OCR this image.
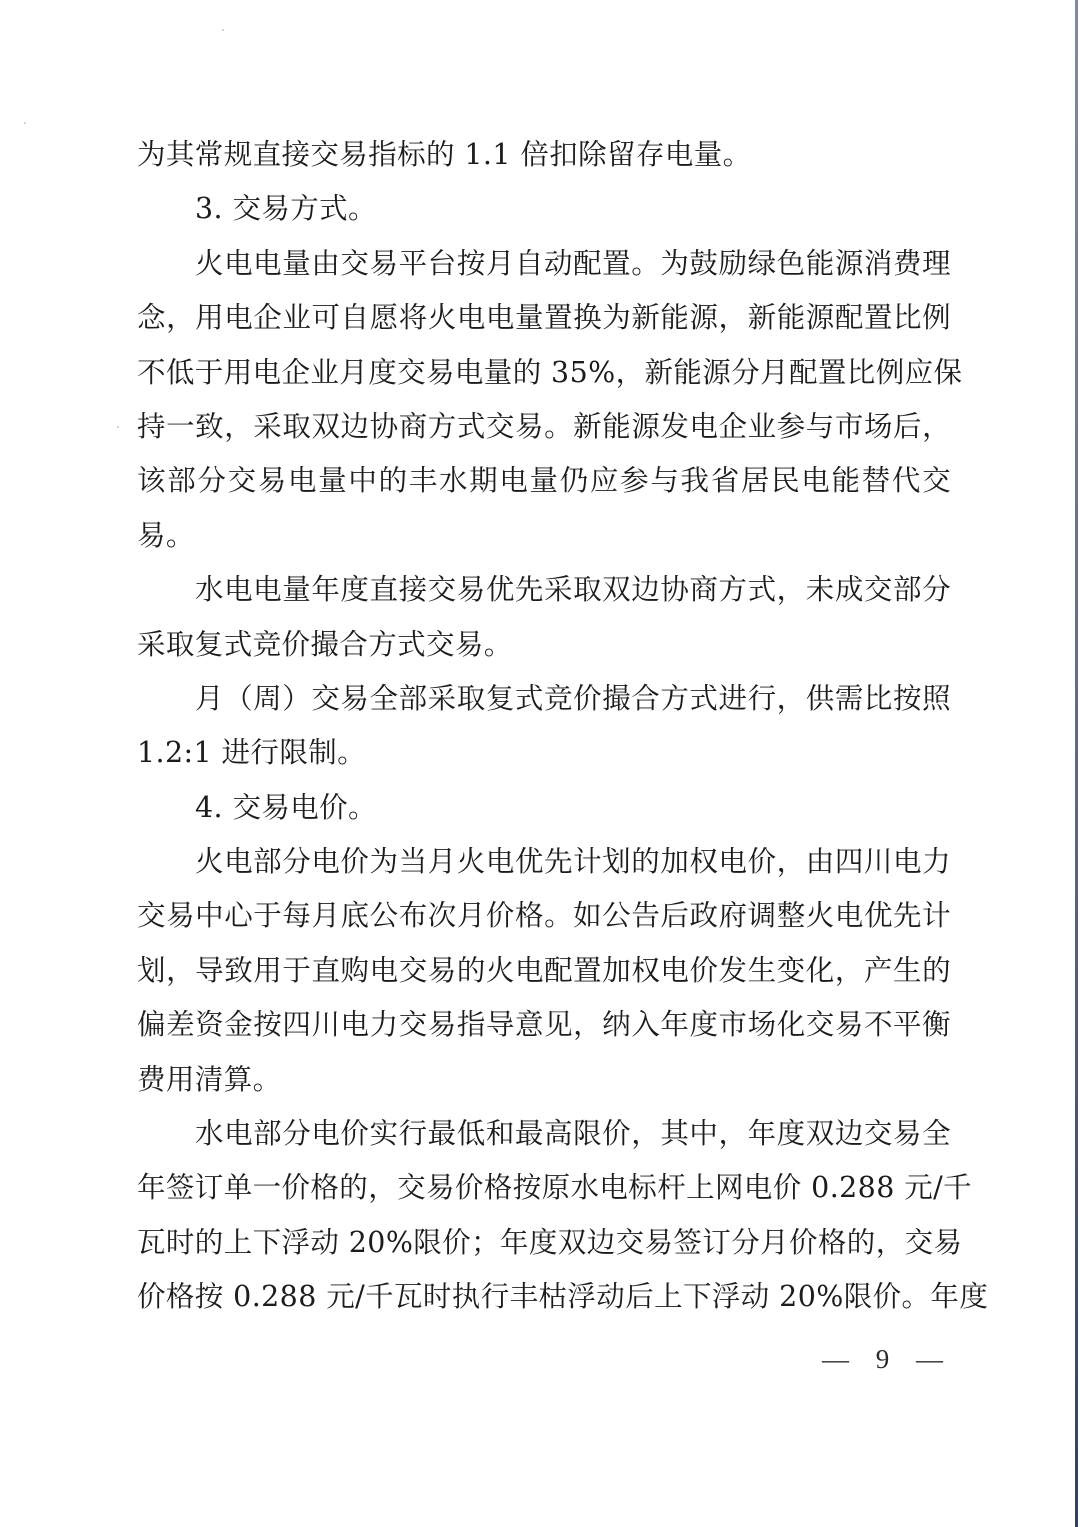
为其常规直接交易指标的 1.1 倍扣除留存电量。
3. 交易方式。
火电电量由交易平台按月自动配置。为鼓励绿色能源消费理
念，用电企业可自愿将火电电量置换为新能源，新能源配置比例
不低于用电企业月度交易电量的 35%，新能源分月配置比例应保
持一致，采取双边协商方式交易。新能源发电企业参与市场后，
该部分交易电量中的丰水期电量仍应参与我省居民电能替代交
易。
水电电量年度直接交易优先采取双边协商方式，未成交部分
采取复式竞价撮合方式交易。
月（周）交易全部采取复式竞价撮合方式进行，供需比按照
1.2:1 进行限制。
4. 交易电价。
火电部分电价为当月火电优先计划的加权电价，由四川电力
交易中心于每月底公布次月价格。如公告后政府调整火电优先计
划，导致用于直购电交易的火电配置加权电价发生变化，产生的
偏差资金按四川电力交易指导意见，纳入年度市场化交易不平衡
费用清算。
水电部分电价实行最低和最高限价，其中，年度双边交易全
年签订单一价格的，交易价格按原水电标杆上网电价 0.288 元/千
瓦时的上下浮动 20%限价；年度双边交易签订分月价格的，交易
价格按 0.288 元/千瓦时执行丰枯浮动后上下浮动 20%限价。年度
— 9 —
